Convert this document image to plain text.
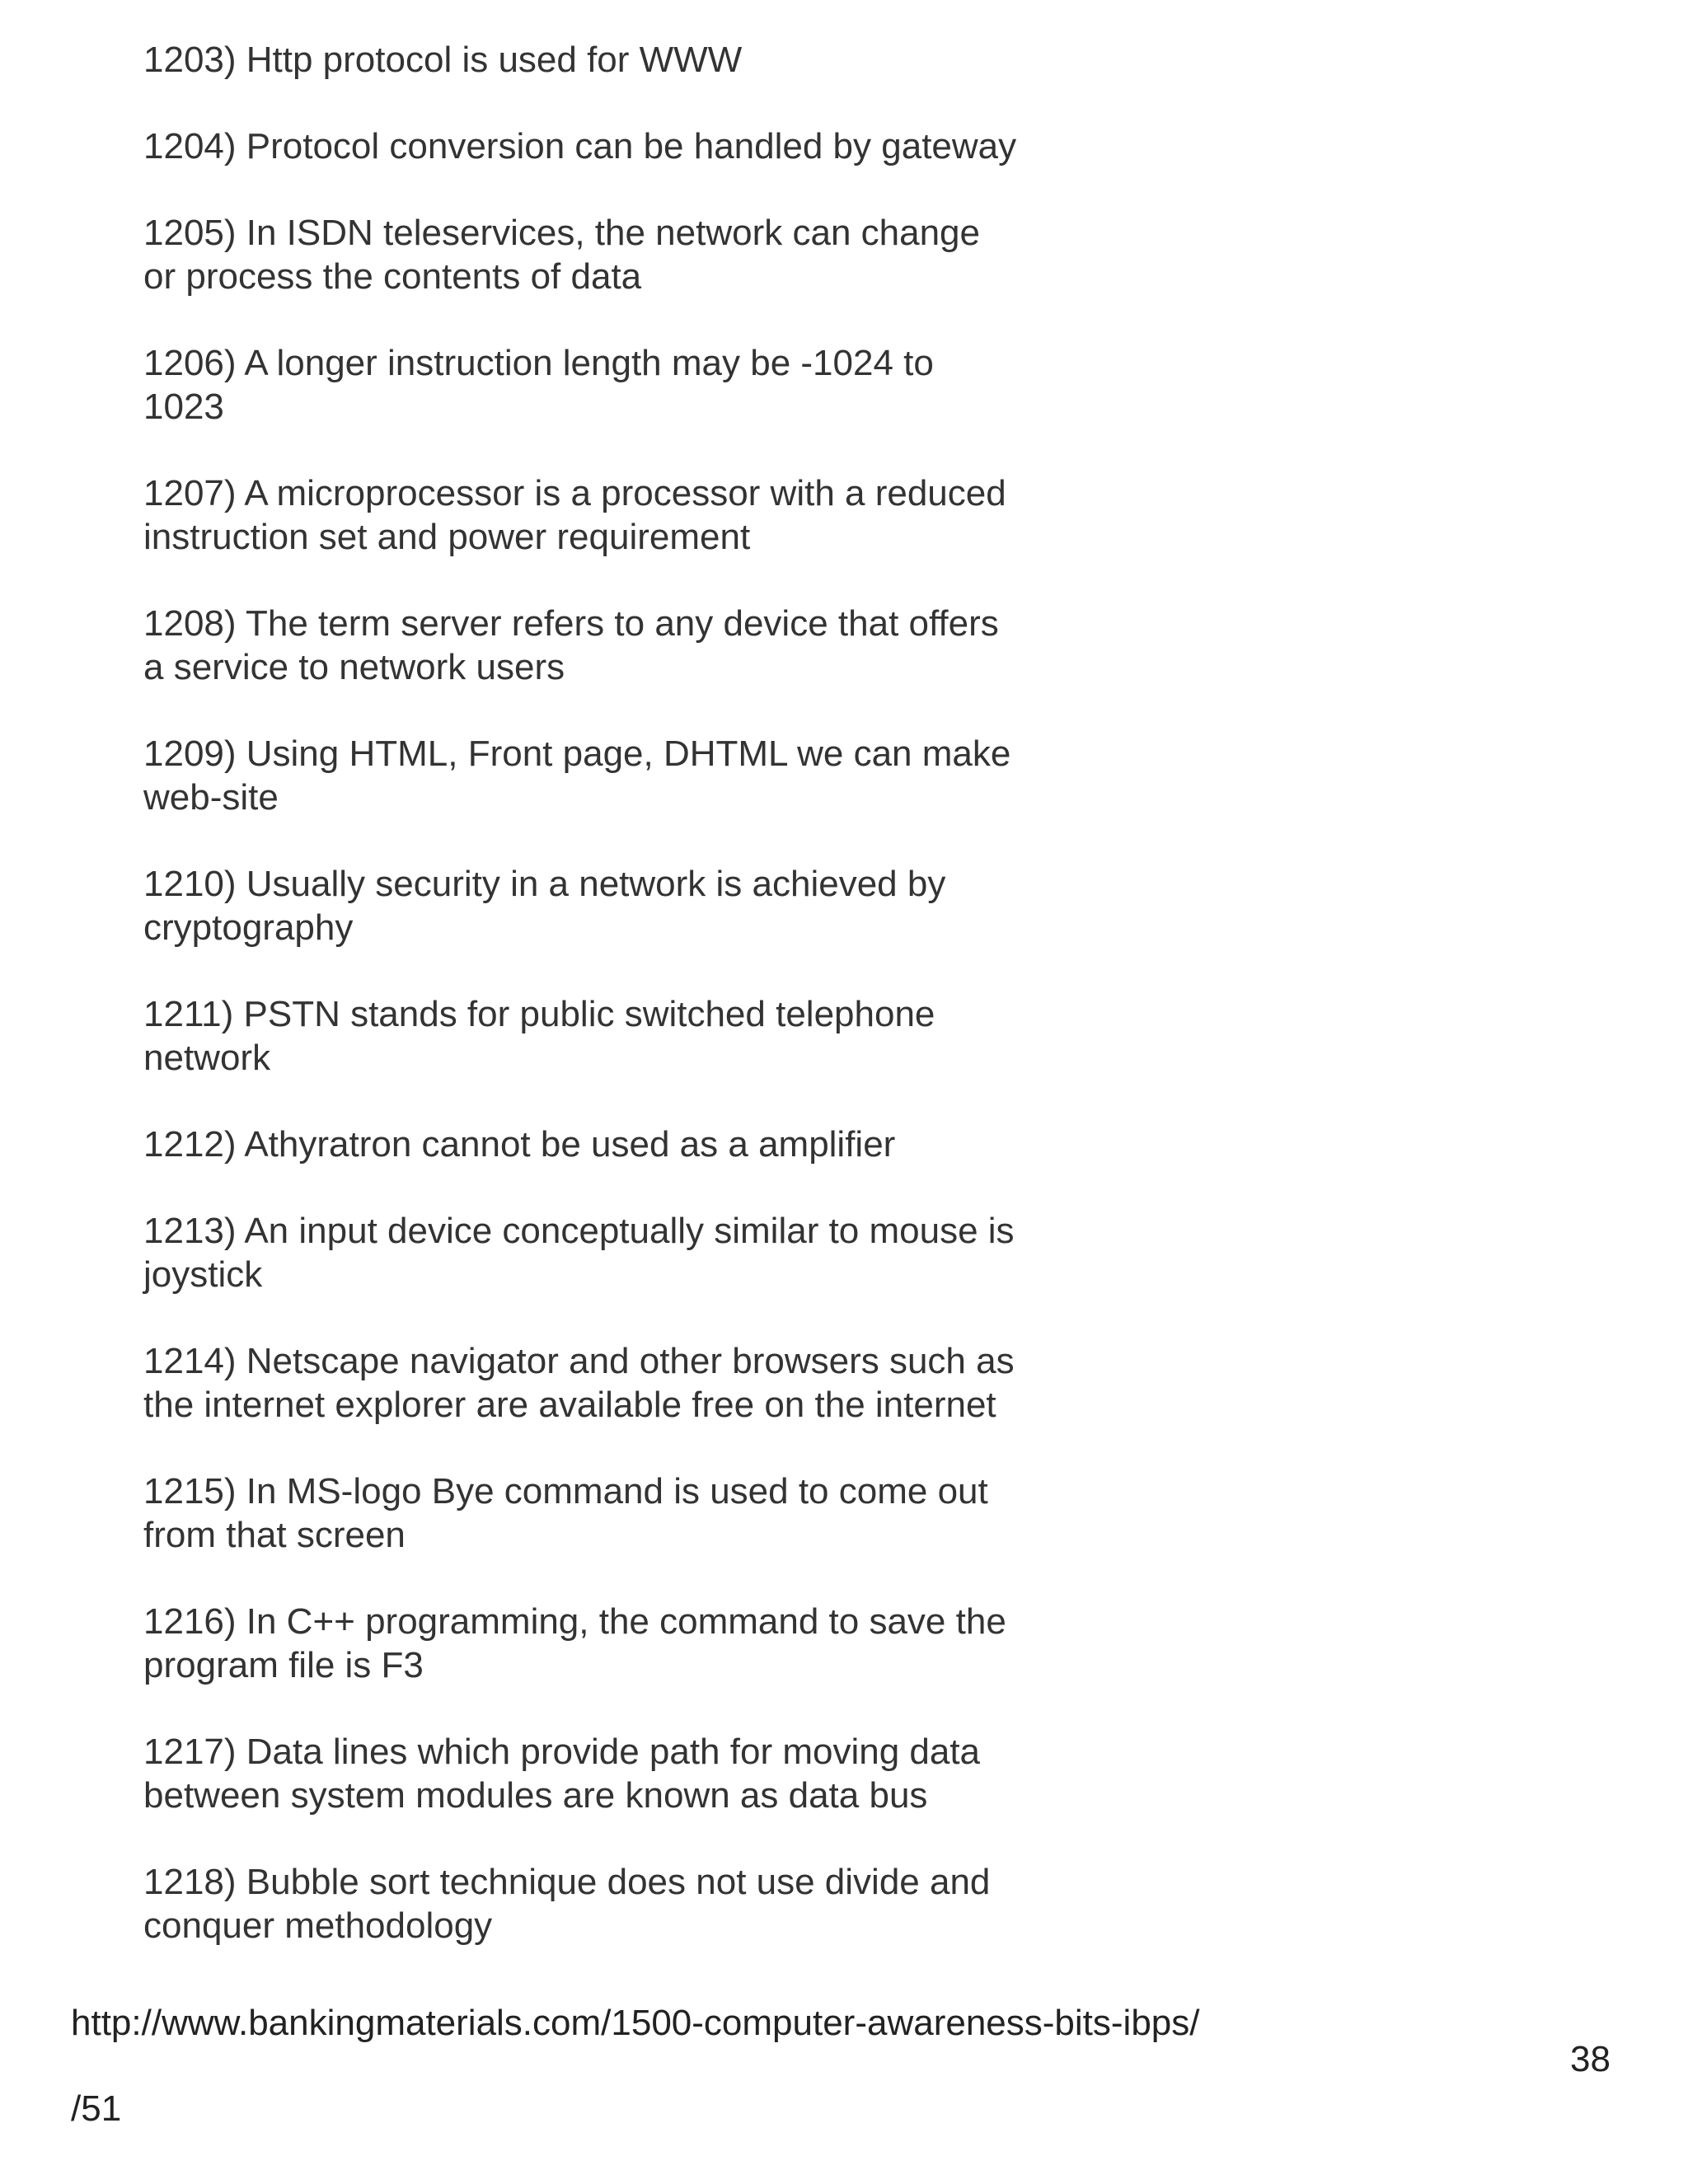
1203) Http protocol is used for WWW
1204) Protocol conversion can be handled by gateway
1205) In ISDN teleservices, the network can change
or process the contents of data
1206) A longer instruction length may be -1024 to
1023
1207) A microprocessor is a processor with a reduced
instruction set and power requirement
1208) The term server refers to any device that offers
a service to network users
1209) Using HTML, Front page, DHTML we can make
web-site
1210) Usually security in a network is achieved by
cryptography
1211) PSTN stands for public switched telephone
network
1212) Athyratron cannot be used as a amplifier
1213) An input device conceptually similar to mouse is
joystick
1214) Netscape navigator and other browsers such as
the internet explorer are available free on the internet
1215) In MS-logo Bye command is used to come out
from that screen
1216) In C++ programming, the command to save the
program file is F3
1217) Data lines which provide path for moving data
between system modules are known as data bus
1218) Bubble sort technique does not use divide and
conquer methodology
http://www.bankingmaterials.com/1500-computer-awareness-bits-ibps/
38
/51
